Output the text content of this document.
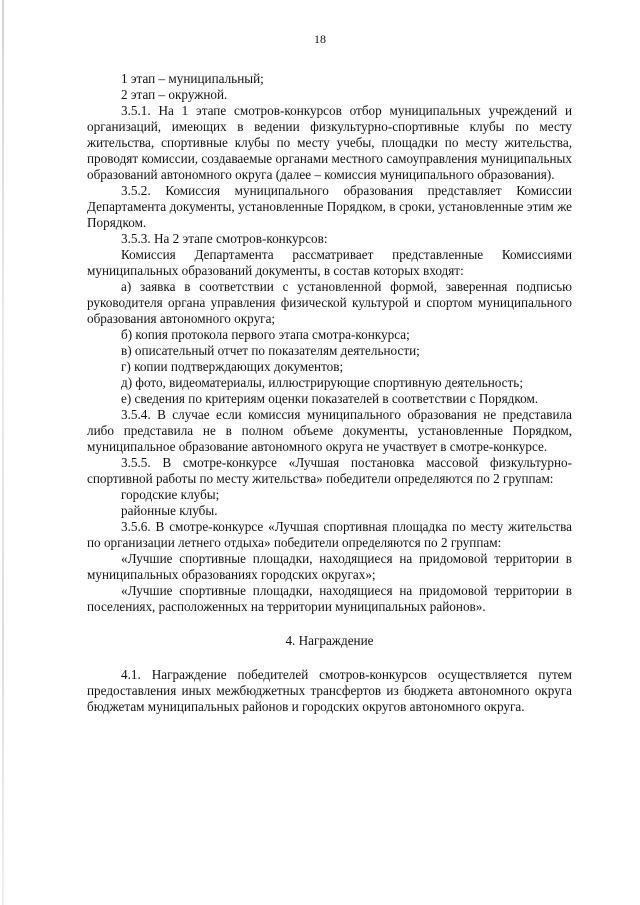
18

1 этап – муниципальный;

2 этап – окружной.

3.5.1. На 1 этапе смотров-конкурсов отбор муниципальных учреждений и организаций, имеющих в ведении физкультурно-спортивные клубы по месту жительства, спортивные клубы по месту учебы, площадки по месту жительства, проводят комиссии, создаваемые органами местного самоуправления муниципальных образований автономного округа (далее – комиссия муниципального образования).

3.5.2. Комиссия муниципального образования представляет Комиссии Департамента документы, установленные Порядком, в сроки, установленные этим же Порядком.

3.5.3. На 2 этапе смотров-конкурсов:

Комиссия Департамента рассматривает представленные Комиссиями муниципальных образований документы, в состав которых входят:

а) заявка в соответствии с установленной формой, заверенная подписью руководителя органа управления физической культурой и спортом муниципального образования автономного округа;

б) копия протокола первого этапа смотра-конкурса;

в) описательный отчет по показателям деятельности;

г) копии подтверждающих документов;

д) фото, видеоматериалы, иллюстрирующие спортивную деятельность;

е) сведения по критериям оценки показателей в соответствии с Порядком.

3.5.4. В случае если комиссия муниципального образования не представила либо представила не в полном объеме документы, установленные Порядком, муниципальное образование автономного округа не участвует в смотре-конкурсе.

3.5.5. В смотре-конкурсе «Лучшая постановка массовой физкультурно-спортивной работы по месту жительства» победители определяются по 2 группам:

городские клубы;

районные клубы.

3.5.6. В смотре-конкурсе «Лучшая спортивная площадка по месту жительства по организации летнего отдыха» победители определяются по 2 группам:

«Лучшие спортивные площадки, находящиеся на придомовой территории в муниципальных образованиях городских округах»;

«Лучшие спортивные площадки, находящиеся на придомовой территории в поселениях, расположенных на территории муниципальных районов».

4. Награждение

4.1. Награждение победителей смотров-конкурсов осуществляется путем предоставления иных межбюджетных трансфертов из бюджета автономного округа бюджетам муниципальных районов и городских округов автономного округа.
